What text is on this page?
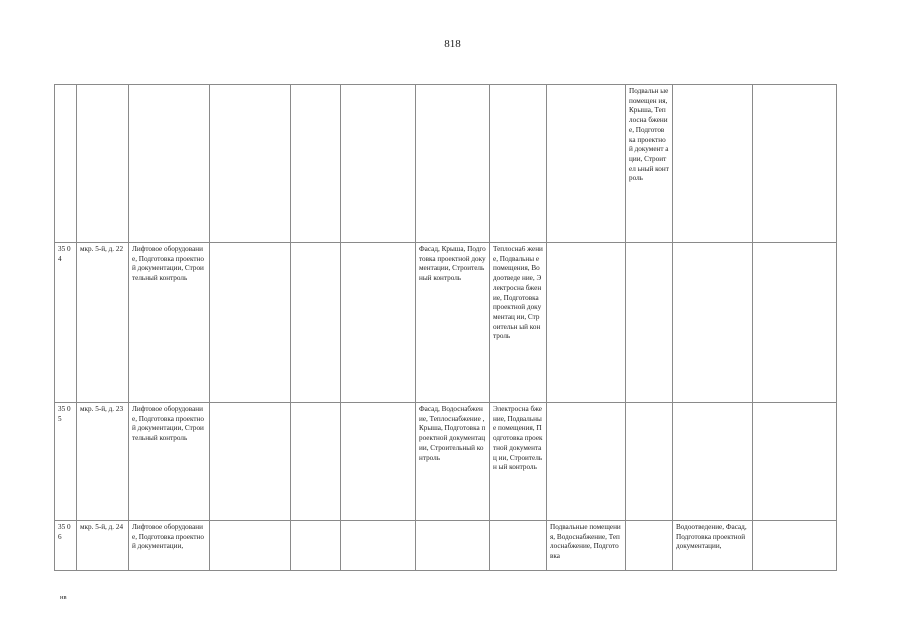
818
									Подвальн ые помещен ия, Крыша, Теплосна бжение, Подготов ка проектно й документ ации, Строител ьный контроль		
35 04	мкр. 5-й, д. 22	Лифтовое оборудование, Подготовка проектной документации, Строительный контроль				Фасад, Крыша, Подготовка проектной документации, Строительный контроль	Теплосна6 жение, Подвальны е помещения, Водоотведе ние, Электросна бжение, Подготовка проектной документац ии, Строительн ый контроль				
35 05	мкр. 5-й, д. 23	Лифтовое оборудование, Подготовка проектной документации, Строительный контроль				Фасад, Водоснабжение, Теплоснабжение , Крыша, Подготовка проектной документации, Строительный контроль	Электросна бжение, Подвальны е помещения, Подготовка проектной документац ии, Строительн ый контроль				
35 06	мкр. 5-й, д. 24	Лифтовое оборудование, Подготовка проектной документации,						Подвальные помещения, Водоснабжение, Теплоснабжение, Подготовка		Водоотведение, Фасад, Подготовка проектной документации,	
нв
